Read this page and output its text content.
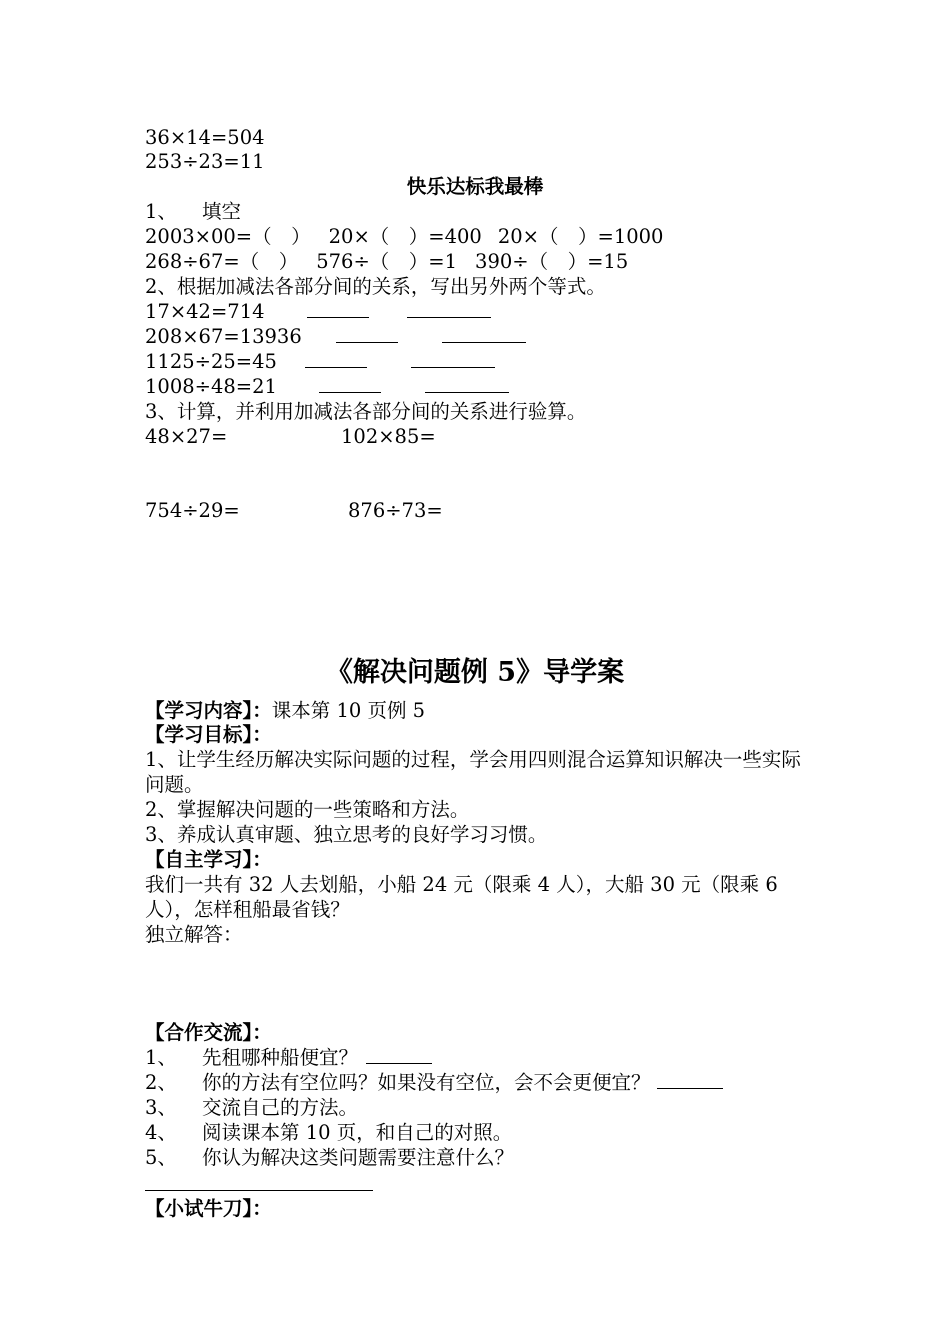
36×14=504
253÷23=11
快乐达标我最棒
1、 填空
2003×00=（　） 20×（　）=400 20×（　）=1000
268÷67=（　） 576÷（　）=1 390÷（　）=15
2、根据加减法各部分间的关系，写出另外两个等式。
17×42=714
208×67=13936
1125÷25=45
1008÷48=21
3、计算，并利用加减法各部分间的关系进行验算。
48×27=	102×85=
754÷29=	876÷73=
《解决问题例 5》导学案
【学习内容】：课本第 10 页例 5
【学习目标】：
1、让学生经历解决实际问题的过程，学会用四则混合运算知识解决一些实际问题。
2、掌握解决问题的一些策略和方法。
3、养成认真审题、独立思考的良好学习习惯。
【自主学习】：
我们一共有 32 人去划船，小船 24 元（限乘 4 人），大船 30 元（限乘 6 人），怎样租船最省钱？
独立解答：
【合作交流】：
1、 先租哪种船便宜？
2、 你的方法有空位吗？如果没有空位，会不会更便宜？
3、 交流自己的方法。
4、 阅读课本第 10 页，和自己的对照。
5、 你认为解决这类问题需要注意什么？
【小试牛刀】：
